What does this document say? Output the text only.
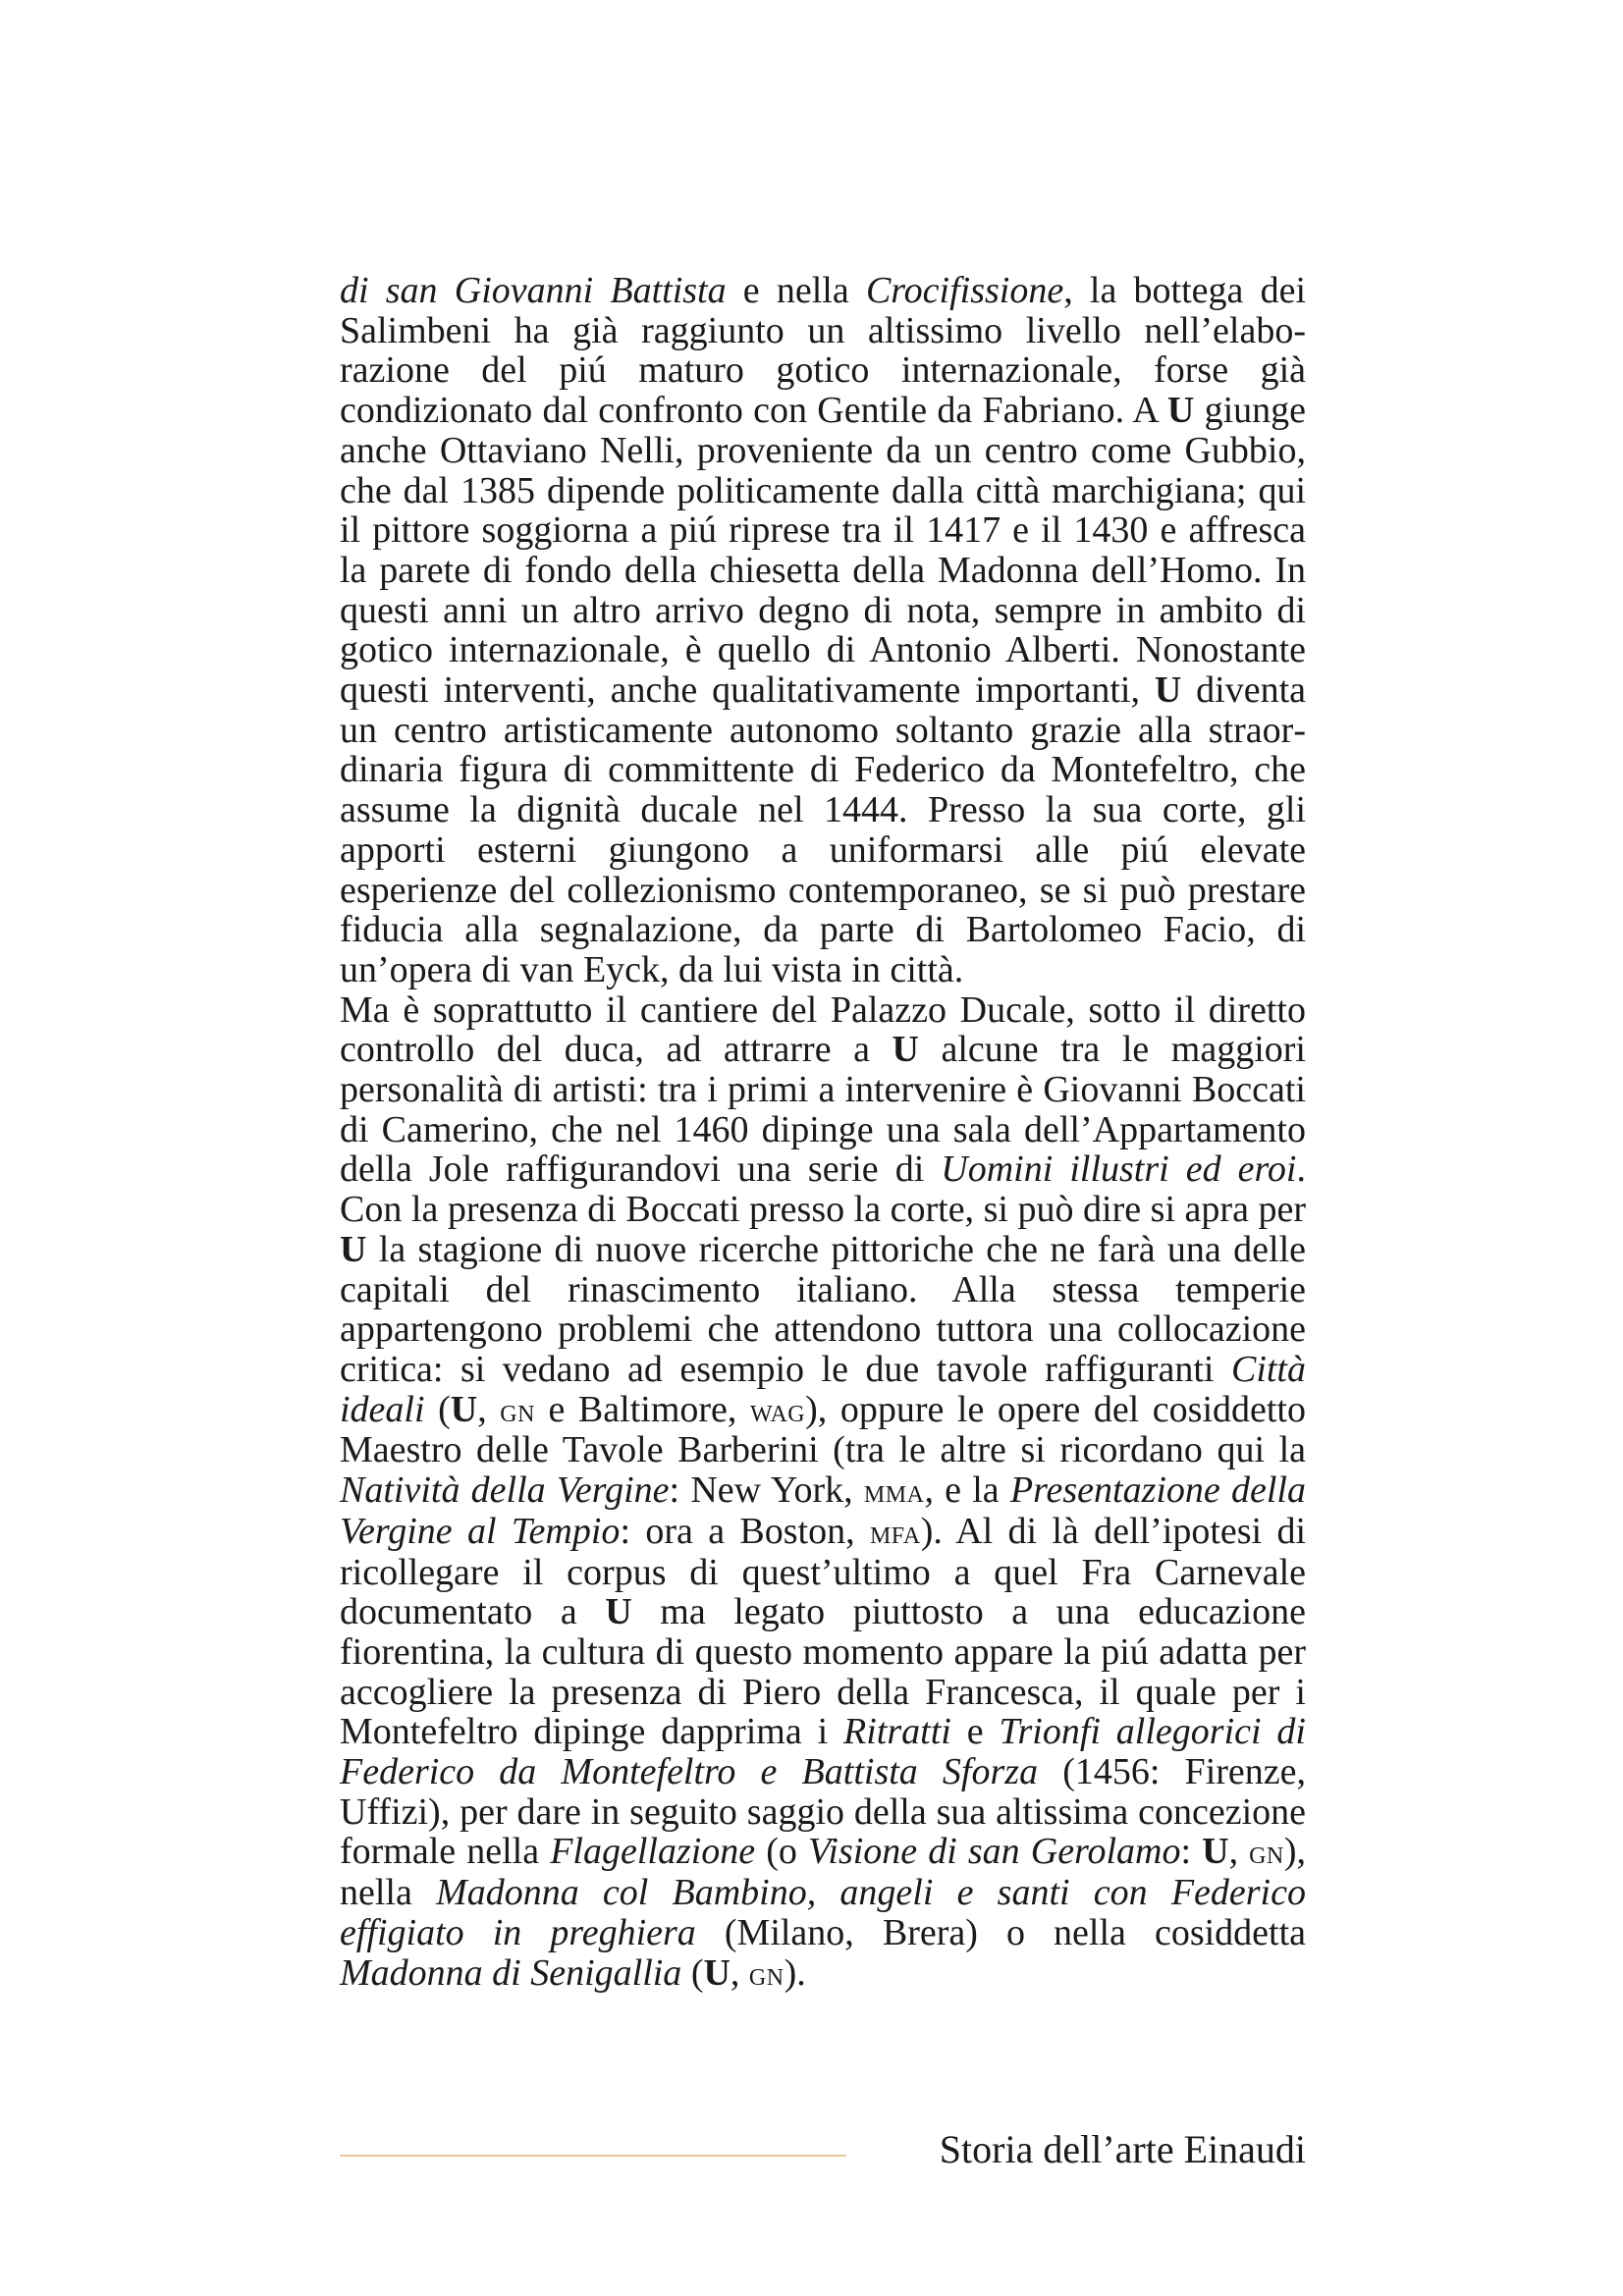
di san Giovanni Battista e nella Crocifissione, la bottega dei Salimbeni ha già raggiunto un altissimo livello nell’elaborazione del piú maturo gotico internazionale, forse già condizionato dal confronto con Gentile da Fabriano. A U giunge anche Ottaviano Nelli, proveniente da un centro come Gubbio, che dal 1385 dipende politicamente dalla città marchigiana; qui il pittore soggiorna a piú riprese tra il 1417 e il 1430 e affresca la parete di fondo della chiesetta della Madonna dell’Homo. In questi anni un altro arrivo degno di nota, sempre in ambito di gotico internazionale, è quello di Antonio Alberti. Nonostante questi interventi, anche qualitativamente importanti, U diventa un centro artisticamente autonomo soltanto grazie alla straordinaria figura di committente di Federico da Montefeltro, che assume la dignità ducale nel 1444. Presso la sua corte, gli apporti esterni giungono a uniformarsi alle piú elevate esperienze del collezionismo contemporaneo, se si può prestare fiducia alla segnalazione, da parte di Bartolomeo Facio, di un’opera di van Eyck, da lui vista in città.

Ma è soprattutto il cantiere del Palazzo Ducale, sotto il diretto controllo del duca, ad attrarre a U alcune tra le maggiori personalità di artisti: tra i primi a intervenire è Giovanni Boccati di Camerino, che nel 1460 dipinge una sala dell’Appartamento della Jole raffigurandovi una serie di Uomini illustri ed eroi. Con la presenza di Boccati presso la corte, si può dire si apra per U la stagione di nuove ricerche pittoriche che ne farà una delle capitali del rinascimento italiano. Alla stessa temperie appartengono problemi che attendono tuttora una collocazione critica: si vedano ad esempio le due tavole raffiguranti Città ideali (U, gn e Baltimore, wag), oppure le opere del cosiddetto Maestro delle Tavole Barberini (tra le altre si ricordano qui la Natività della Vergine: New York, mma, e la Presentazione della Vergine al Tempio: ora a Boston, mfa). Al di là dell’ipotesi di ricollegare il corpus di quest’ultimo a quel Fra Carnevale documentato a U ma legato piuttosto a una educazione fiorentina, la cultura di questo momento appare la piú adatta per accogliere la presenza di Piero della Francesca, il quale per i Montefeltro dipinge dapprima i Ritratti e Trionfi allegorici di Federico da Montefeltro e Battista Sforza (1456: Firenze, Uffizi), per dare in seguito saggio della sua altissima concezione formale nella Flagellazione (o Visione di san Gerolamo: U, gn), nella Madonna col Bambino, angeli e santi con Federico effigiato in preghiera (Milano, Brera) o nella cosiddetta Madonna di Senigallia (U, gn).

Storia dell’arte Einaudi
